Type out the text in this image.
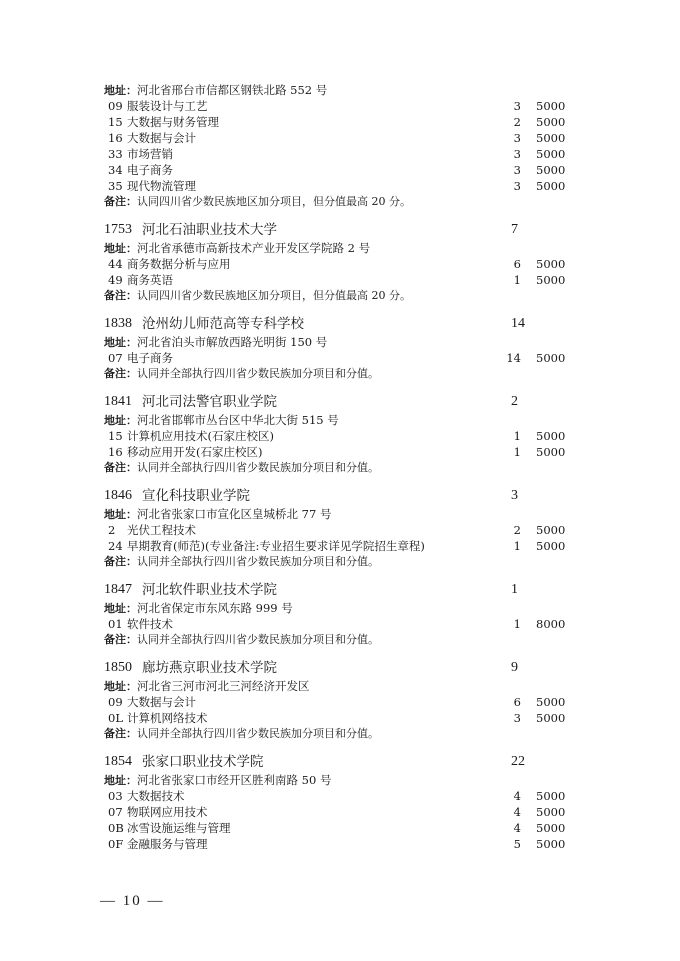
地址：河北省邢台市信都区钢铁北路 552 号
09 服装设计与工艺	3 5000
15 大数据与财务管理	2 5000
16 大数据与会计	3 5000
33 市场营销	3 5000
34 电子商务	3 5000
35 现代物流管理	3 5000
备注：认同四川省少数民族地区加分项目，但分值最高 20 分。
1753 河北石油职业技术大学	7
地址：河北省承德市高新技术产业开发区学院路 2 号
44 商务数据分析与应用	6 5000
49 商务英语	1 5000
备注：认同四川省少数民族地区加分项目，但分值最高 20 分。
1838 沧州幼儿师范高等专科学校	14
地址：河北省泊头市解放西路光明街 150 号
07 电子商务	14 5000
备注：认同并全部执行四川省少数民族加分项目和分值。
1841 河北司法警官职业学院	2
地址：河北省邯郸市丛台区中华北大街 515 号
15 计算机应用技术(石家庄校区)	1 5000
16 移动应用开发(石家庄校区)	1 5000
备注：认同并全部执行四川省少数民族加分项目和分值。
1846 宣化科技职业学院	3
地址：河北省张家口市宣化区皇城桥北 77 号
2 光伏工程技术	2 5000
24 早期教育(师范)(专业备注:专业招生要求详见学院招生章程)	1 5000
备注：认同并全部执行四川省少数民族加分项目和分值。
1847 河北软件职业技术学院	1
地址：河北省保定市东风东路 999 号
01 软件技术	1 8000
备注：认同并全部执行四川省少数民族加分项目和分值。
1850 廊坊燕京职业技术学院	9
地址：河北省三河市河北三河经济开发区
09 大数据与会计	6 5000
0L 计算机网络技术	3 5000
备注：认同并全部执行四川省少数民族加分项目和分值。
1854 张家口职业技术学院	22
地址：河北省张家口市经开区胜利南路 50 号
03 大数据技术	4 5000
07 物联网应用技术	4 5000
0B 冰雪设施运维与管理	4 5000
0F 金融服务与管理	5 5000
— 10 —
